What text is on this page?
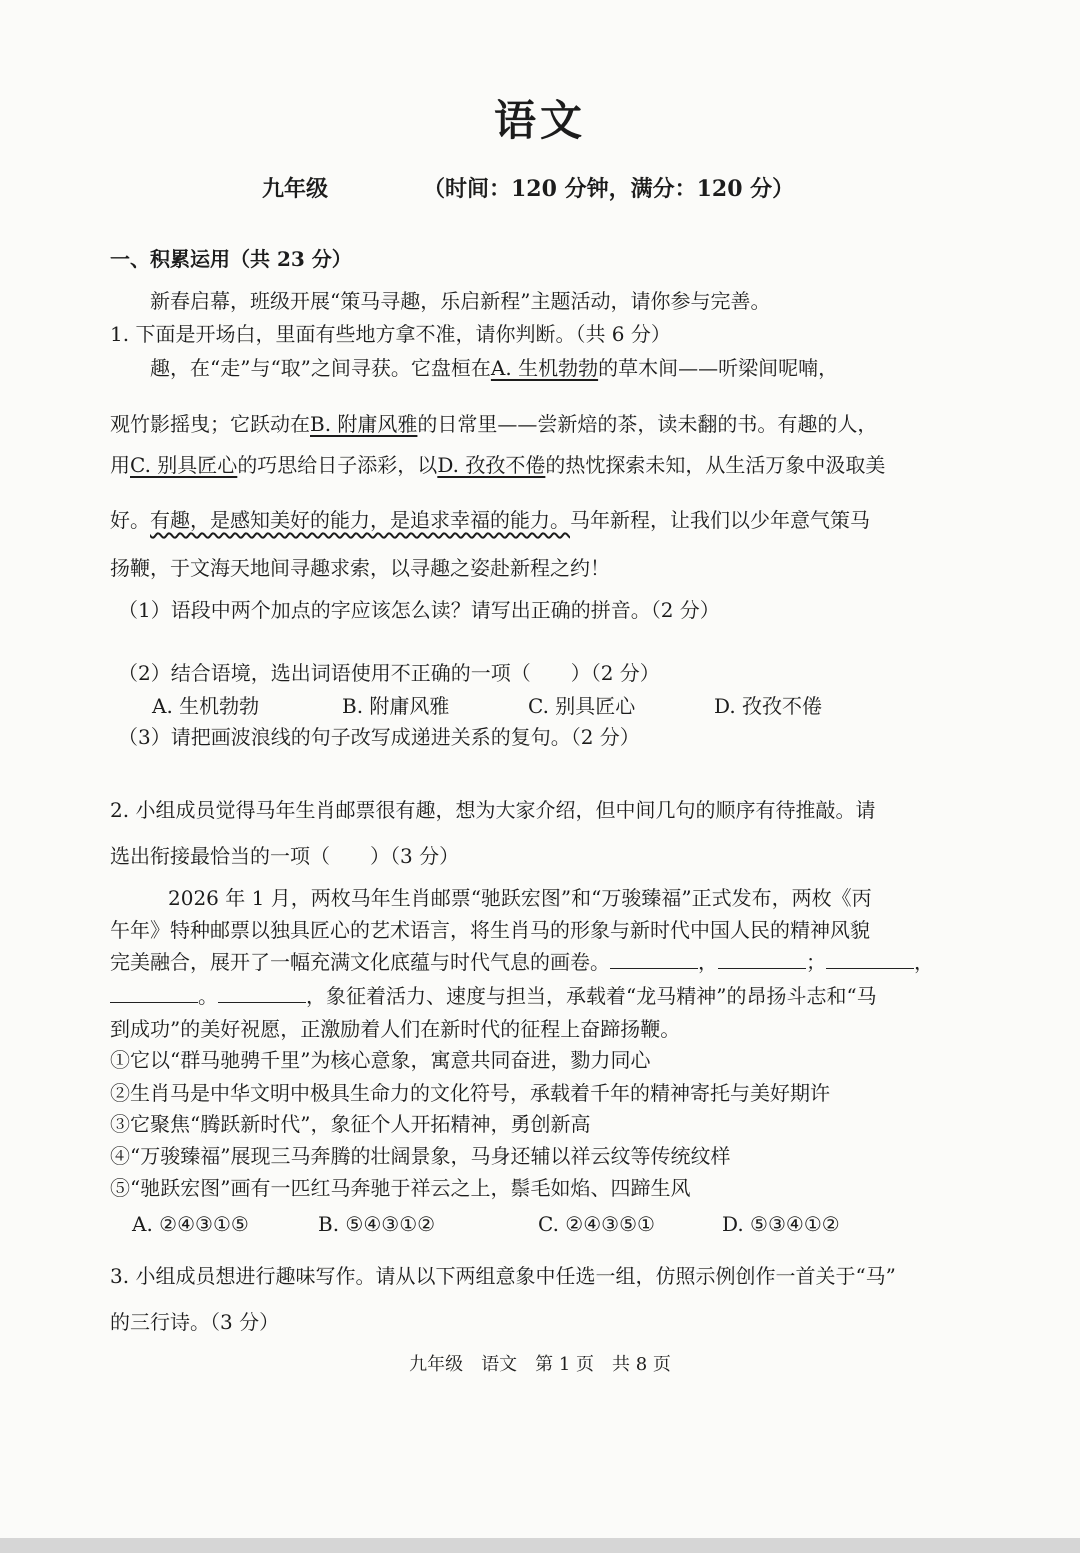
语文
九年级	（时间：120 分钟，满分：120 分）
一、积累运用（共 23 分）
新春启幕，班级开展“策马寻趣，乐启新程”主题活动，请你参与完善。
1. 下面是开场白，里面有些地方拿不准，请你判断。（共 6 分）
趣，在“走”与“取”之间寻获。它盘桓在A. 生机勃勃的草木间——听梁间呢喃，
观竹影摇曳；它跃动在B. 附庸风雅的日常里——尝新焙的茶，读未翻的书。有趣的人，
用C. 别具匠心的巧思给日子添彩，以D. 孜孜不倦的热忱探索未知，从生活万象中汲取美
好。有趣，是感知美好的能力，是追求幸福的能力。马年新程，让我们以少年意气策马
扬鞭，于文海天地间寻趣求索，以寻趣之姿赴新程之约！
（1）语段中两个加点的字应该怎么读？请写出正确的拼音。（2 分）
（2）结合语境，选出词语使用不正确的一项（　　）（2 分）
A. 生机勃勃	B. 附庸风雅	C. 别具匠心	D. 孜孜不倦
（3）请把画波浪线的句子改写成递进关系的复句。（2 分）
2. 小组成员觉得马年生肖邮票很有趣，想为大家介绍，但中间几句的顺序有待推敲。请
选出衔接最恰当的一项（　　）（3 分）
2026 年 1 月，两枚马年生肖邮票“驰跃宏图”和“万骏臻福”正式发布，两枚《丙
午年》特种邮票以独具匠心的艺术语言，将生肖马的形象与新时代中国人民的精神风貌
完美融合，展开了一幅充满文化底蕴与时代气息的画卷。	，	；	，
。	，象征着活力、速度与担当，承载着“龙马精神”的昂扬斗志和“马
到成功”的美好祝愿，正激励着人们在新时代的征程上奋蹄扬鞭。
①它以“群马驰骋千里”为核心意象，寓意共同奋进，勠力同心
②生肖马是中华文明中极具生命力的文化符号，承载着千年的精神寄托与美好期许
③它聚焦“腾跃新时代”，象征个人开拓精神，勇创新高
④“万骏臻福”展现三马奔腾的壮阔景象，马身还辅以祥云纹等传统纹样
⑤“驰跃宏图”画有一匹红马奔驰于祥云之上，鬃毛如焰、四蹄生风
A. ②④③①⑤	B. ⑤④③①②	C. ②④③⑤①	D. ⑤③④①②
3. 小组成员想进行趣味写作。请从以下两组意象中任选一组，仿照示例创作一首关于“马”
的三行诗。（3 分）
九年级　语文　第 1 页　共 8 页
